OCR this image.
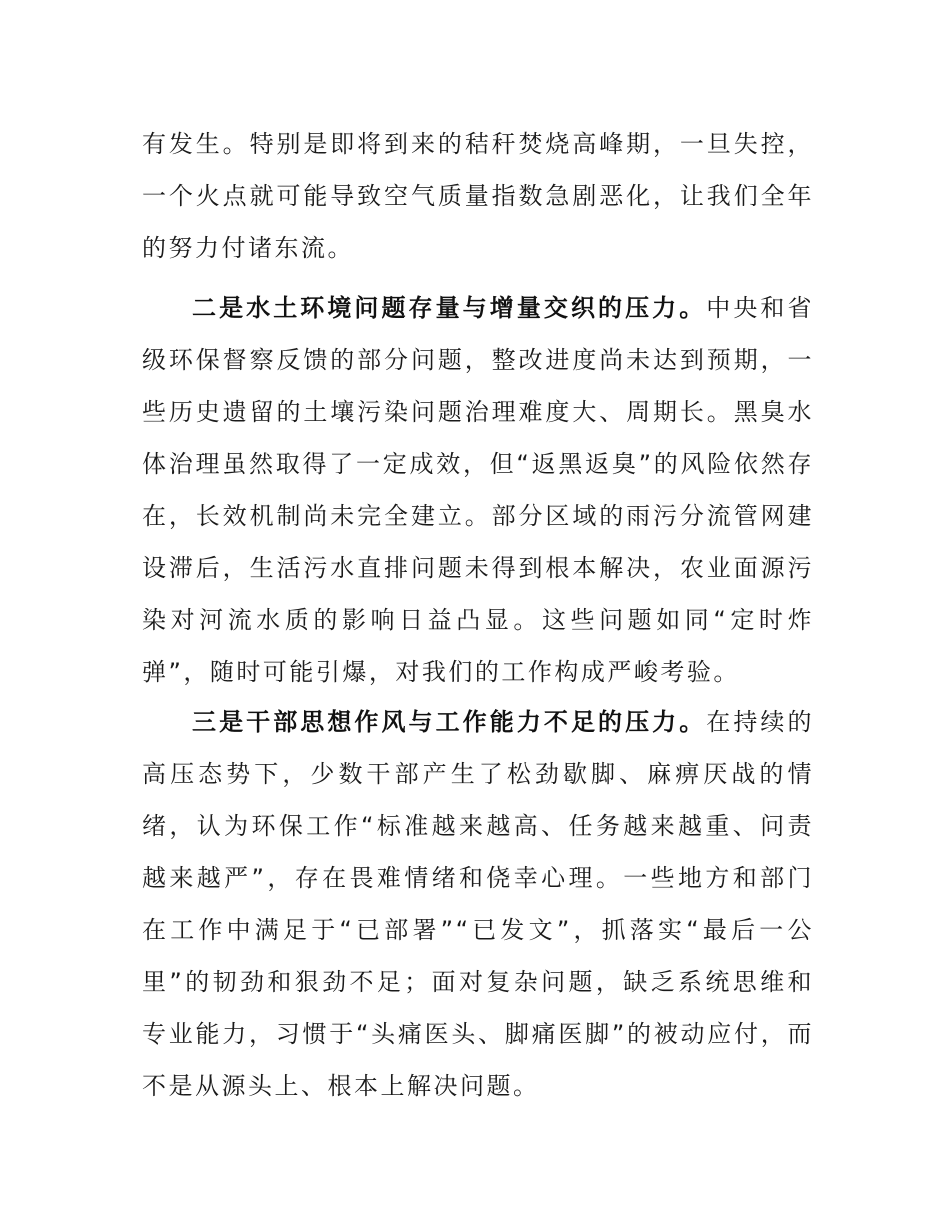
有发生。特别是即将到来的秸秆焚烧高峰期，一旦失控，一个火点就可能导致空气质量指数急剧恶化，让我们全年的努力付诸东流。

二是水土环境问题存量与增量交织的压力。中央和省级环保督察反馈的部分问题，整改进度尚未达到预期，一些历史遗留的土壤污染问题治理难度大、周期长。黑臭水体治理虽然取得了一定成效，但“返黑返臭”的风险依然存在，长效机制尚未完全建立。部分区域的雨污分流管网建设滞后，生活污水直排问题未得到根本解决，农业面源污染对河流水质的影响日益凸显。这些问题如同“定时炸弹”，随时可能引爆，对我们的工作构成严峻考验。

三是干部思想作风与工作能力不足的压力。在持续的高压态势下，少数干部产生了松劲歇脚、麻痹厌战的情绪，认为环保工作“标准越来越高、任务越来越重、问责越来越严”，存在畏难情绪和侥幸心理。一些地方和部门在工作中满足于“已部署”“已发文”，抓落实“最后一公里”的韧劲和狠劲不足；面对复杂问题，缺乏系统思维和专业能力，习惯于“头痛医头、脚痛医脚”的被动应付，而不是从源头上、根本上解决问题。
